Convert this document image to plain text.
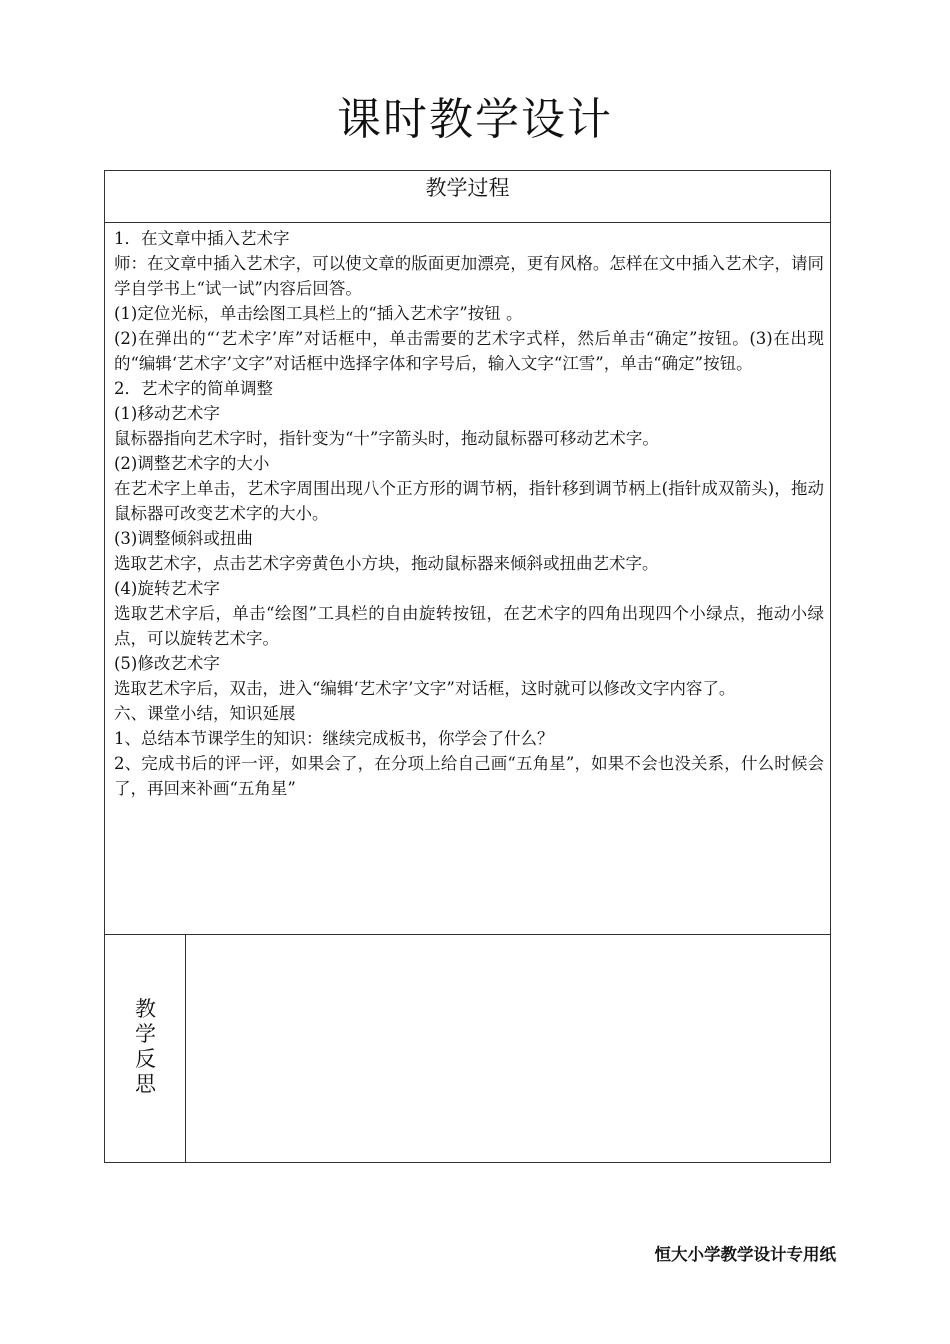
课时教学设计
教学过程
1．在文章中插入艺术字
师：在文章中插入艺术字，可以使文章的版面更加漂亮，更有风格。怎样在文中插入艺术字，请同学自学书上“试一试”内容后回答。
(1)定位光标，单击绘图工具栏上的“插入艺术字”按钮 。
(2)在弹出的“‘艺术字’库”对话框中，单击需要的艺术字式样，然后单击“确定”按钮。(3)在出现的“编辑‘艺术字’文字”对话框中选择字体和字号后，输入文字“江雪”，单击“确定”按钮。
2．艺术字的简单调整
(1)移动艺术字
鼠标器指向艺术字时，指针变为“十”字箭头时，拖动鼠标器可移动艺术字。
(2)调整艺术字的大小
在艺术字上单击，艺术字周围出现八个正方形的调节柄，指针移到调节柄上(指针成双箭头)，拖动鼠标器可改变艺术字的大小。
(3)调整倾斜或扭曲
选取艺术字，点击艺术字旁黄色小方块，拖动鼠标器来倾斜或扭曲艺术字。
(4)旋转艺术字
选取艺术字后，单击“绘图”工具栏的自由旋转按钮，在艺术字的四角出现四个小绿点，拖动小绿点，可以旋转艺术字。
(5)修改艺术字
选取艺术字后，双击，进入“编辑‘艺术字’文字”对话框，这时就可以修改文字内容了。
六、课堂小结，知识延展
1、总结本节课学生的知识：继续完成板书，你学会了什么？
2、完成书后的评一评，如果会了，在分项上给自己画“五角星”，如果不会也没关系，什么时候会了，再回来补画“五角星”
教
学
反
思
恒大小学教学设计专用纸
